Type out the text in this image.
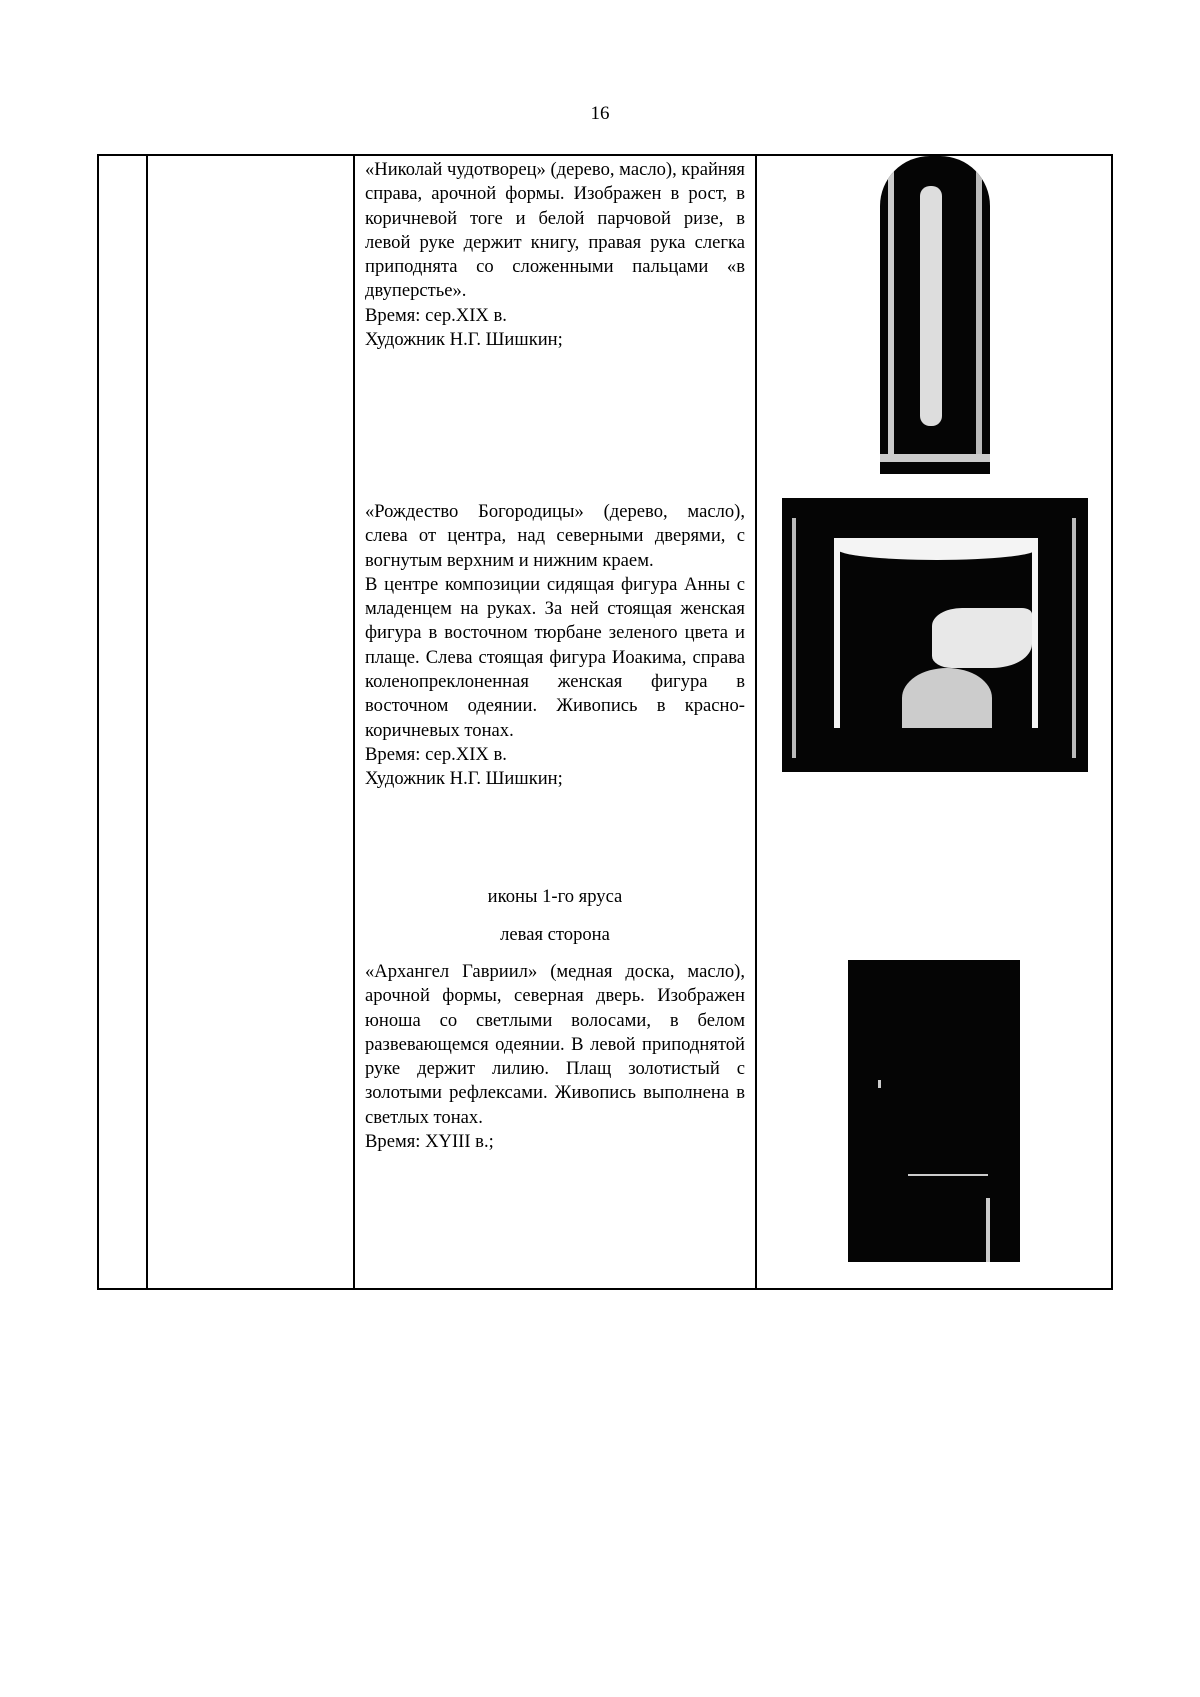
16

«Николай чудотворец» (дерево, масло), крайняя справа, арочной формы. Изображен в рост, в коричневой тоге и белой парчовой ризе, в левой руке держит книгу, правая рука слегка приподнята со сложенными пальцами «в двуперстье».

Время: сер.XIX в.

Художник Н.Г. Шишкин;

«Рождество Богородицы» (дерево, масло), слева от центра, над северными дверями, с вогнутым верхним и нижним краем.

В центре композиции сидящая фигура Анны с младенцем на руках. За ней стоящая женская фигура в восточном тюрбане зеленого цвета и плаще. Слева стоящая фигура Иоакима, справа коленопреклоненная женская фигура в восточном одеянии. Живопись в красно-коричневых тонах.

Время: сер.XIX в.

Художник Н.Г. Шишкин;

иконы 1-го яруса
левая сторона

«Архангел Гавриил» (медная доска, масло), арочной формы, северная дверь. Изображен юноша со светлыми волосами, в белом развевающемся одеянии. В левой приподнятой руке держит лилию. Плащ золотистый с золотыми рефлексами. Живопись выполнена в светлых тонах.

Время: XYIII в.;
